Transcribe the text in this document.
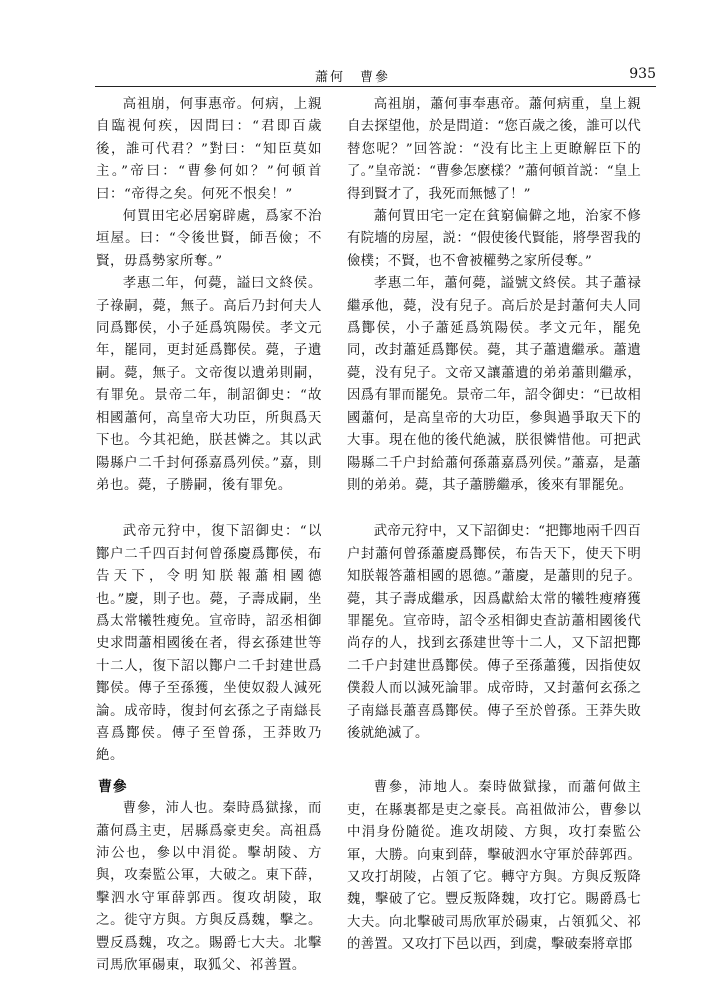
蕭何　曹參	935

高祖崩，何事惠帝。何病，上親自臨視何疾，因問曰：“君即百歲後，誰可代君？”對曰：“知臣莫如主。”帝曰：“曹參何如？”何頓首曰：“帝得之矣。何死不恨矣！”

何買田宅必居窮辟處，爲家不治垣屋。曰：“令後世賢，師吾儉；不賢，毋爲勢家所奪。”

孝惠二年，何薨，謚曰文終侯。子祿嗣，薨，無子。高后乃封何夫人同爲酇侯，小子延爲筑陽侯。孝文元年，罷同，更封延爲酇侯。薨，子遺嗣。薨，無子。文帝復以遺弟則嗣，有罪免。景帝二年，制詔御史：“故相國蕭何，高皇帝大功臣，所與爲天下也。今其祀絶，朕甚憐之。其以武陽縣户二千封何孫嘉爲列侯。”嘉，則弟也。薨，子勝嗣，後有罪免。

武帝元狩中，復下詔御史：“以酇户二千四百封何曾孫慶爲酇侯，布告天下，令明知朕報蕭相國德也。”慶，則子也。薨，子壽成嗣，坐爲太常犧牲瘦免。宣帝時，詔丞相御史求問蕭相國後在者，得玄孫建世等十二人，復下詔以酇户二千封建世爲酇侯。傳子至孫獲，坐使奴殺人減死論。成帝時，復封何玄孫之子南䜌長喜爲酇侯。傳子至曾孫，王莽敗乃絶。

曹參

曹參，沛人也。秦時爲獄掾，而蕭何爲主吏，居縣爲豪吏矣。高祖爲沛公也，參以中涓從。擊胡陵、方與，攻秦監公軍，大破之。東下薛，擊泗水守軍薛郭西。復攻胡陵，取之。徙守方與。方與反爲魏，擊之。豐反爲魏，攻之。賜爵七大夫。北擊司馬欣軍碭東，取狐父、祁善置。

高祖崩，蕭何事奉惠帝。蕭何病重，皇上親自去探望他，於是問道：“您百歲之後，誰可以代替您呢？”回答說：“没有比主上更瞭解臣下的了。”皇帝説：“曹參怎麽樣？”蕭何頓首説：“皇上得到賢才了，我死而無憾了！”

蕭何買田宅一定在貧窮偏僻之地，治家不修有院墻的房屋，説：“假使後代賢能，將學習我的儉樸；不賢，也不會被權勢之家所侵奪。”

孝惠二年，蕭何薨，謚號文終侯。其子蕭禄繼承他，薨，没有兒子。高后於是封蕭何夫人同爲酇侯，小子蕭延爲筑陽侯。孝文元年，罷免同，改封蕭延爲酇侯。薨，其子蕭遺繼承。蕭遺薨，没有兒子。文帝又讓蕭遺的弟弟蕭則繼承，因爲有罪而罷免。景帝二年，詔令御史：“已故相國蕭何，是高皇帝的大功臣，參與過爭取天下的大事。現在他的後代絶滅，朕很憐惜他。可把武陽縣二千户封給蕭何孫蕭嘉爲列侯。”蕭嘉，是蕭則的弟弟。薨，其子蕭勝繼承，後來有罪罷免。

武帝元狩中，又下詔御史：“把酇地兩千四百户封蕭何曾孫蕭慶爲酇侯，布告天下，使天下明知朕報答蕭相國的恩德。”蕭慶，是蕭則的兒子。薨，其子壽成繼承，因爲獻給太常的犧牲瘦瘠獲罪罷免。宣帝時，詔令丞相御史查訪蕭相國後代尚存的人，找到玄孫建世等十二人，又下詔把酇二千户封建世爲酇侯。傳子至孫蕭獲，因指使奴僕殺人而以減死論罪。成帝時，又封蕭何玄孫之子南䜌長蕭喜爲酇侯。傳子至於曾孫。王莽失敗後就絶滅了。

曹參，沛地人。秦時做獄掾，而蕭何做主吏，在縣裏都是吏之豪長。高祖做沛公，曹參以中涓身份隨從。進攻胡陵、方與，攻打秦監公軍，大勝。向東到薛，擊破泗水守軍於薛郭西。又攻打胡陵，占領了它。轉守方與。方與反叛降魏，擊破了它。豐反叛降魏，攻打它。賜爵爲七大夫。向北擊破司馬欣軍於碭東，占領狐父、祁的善置。又攻打下邑以西，到虞，擊破秦將章邯
